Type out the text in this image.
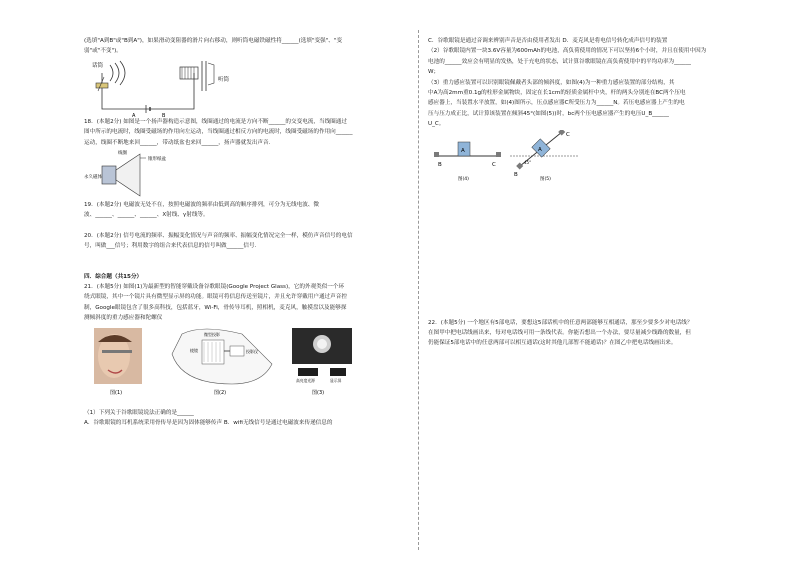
(选填"A到B"或"B到A")，如果滑动变阻器的滑片向右移动，则听筒电磁铁磁性将______(选填"变强"、"变
弱"或"不变")。
话筒
A	B
听筒
18．(本题2分) 如图是一个扬声器构造示意图，线圈通过的电流是方向不断______的交变电流，当线圈通过
图中所示的电流时，线圈受磁场的作用向左运动，当线圈通过相反方向的电流时，线圈受磁场的作用向______
运动，线圈不断地来回______，带动纸盆也来回______，扬声器就发出声音.
线圈
锥形纸盆
永久磁体
19．(本题2分) 电磁波无处不在，按照电磁波的频率由低到高的顺序排列，可分为无线电波、微
波、______、______、______、X射线、γ射线等。
20．(本题2分) 信号电流的频率、振幅变化情况与声音的频率、振幅变化情况完全一样，模仿声音信号的电信
号，叫做___信号；利用数字的组合来代表信息的信号叫做______信号.
四．综合题（共15分）
21．(本题5分) 如图(1)为最新型的智能穿戴设备谷歌眼镜(Google Project Glass)，它的外观类似一个环
绕式眼镜，其中一个镜片具有微型显示屏的功能。眼镜可将信息传送至镜片，并且允许穿戴用户通过声音控
制，Google眼镜包含了很多高科技，包括蓝牙，Wi-Fi，骨传导耳机，照相机，麦克风，触摸盘以及能够探
测倾斜度的重力感应器和陀螺仪
图(1)
微型投影
棱镜	投影仪
图(2)
高亮度光源	显示屏
图(3)
（1）下列关于谷歌眼镜说法正确的是______
A．谷歌眼镜的耳机系统采用骨传导是因为固体能够传声 B．wifi无线信号是通过电磁波来传递信息的
C．谷歌眼镜是通过音调来辨别声音是否由使用者发出 D．麦克风是将电信号转化成声信号的装置
（2）谷歌眼镜内置一块3.6V容量为600mAh的电池，高负荷使用的情况下可以坚持6个小时，并且在使用中因为
电池的______效应会有明显的发热，处于充电的状态，试计算谷歌眼镜在高负荷使用中的平均功率为______
W；
（3）重力感应装置可以识别眼镜佩戴者头部的倾斜度，如图(4)为一种重力感应装置的部分结构，其
中A为高2mm重0.1g的柱形金属物块，固定在长1cm的轻质金属杆中央，杆的两头分别连在BC两个压电
感应器上，当装置水平放置，如(4)图所示，压点感应器C所受压力为______N。若压电感应器上产生的电
压与压力成正比，试计算该装置在倾斜45°(如图(5))时，bc两个压电感应器产生的电压U_B______
U_C。
A
B	C
图(4)
A
B
C
45°
图(5)
22．(本题5分) 一个地区有5部电话，要想这5部话机中的任意两部能够互相通话，那至少要多少对电话线？
在图甲中把电话线画出来，每对电话线可用一条线代表。你能否想出一个办法，要尽量减少线路的数量，但
仍能保证5部电话中的任意两部可以相互通话(这时其他几部暂不能通话)？在图乙中把电话线画出来。
